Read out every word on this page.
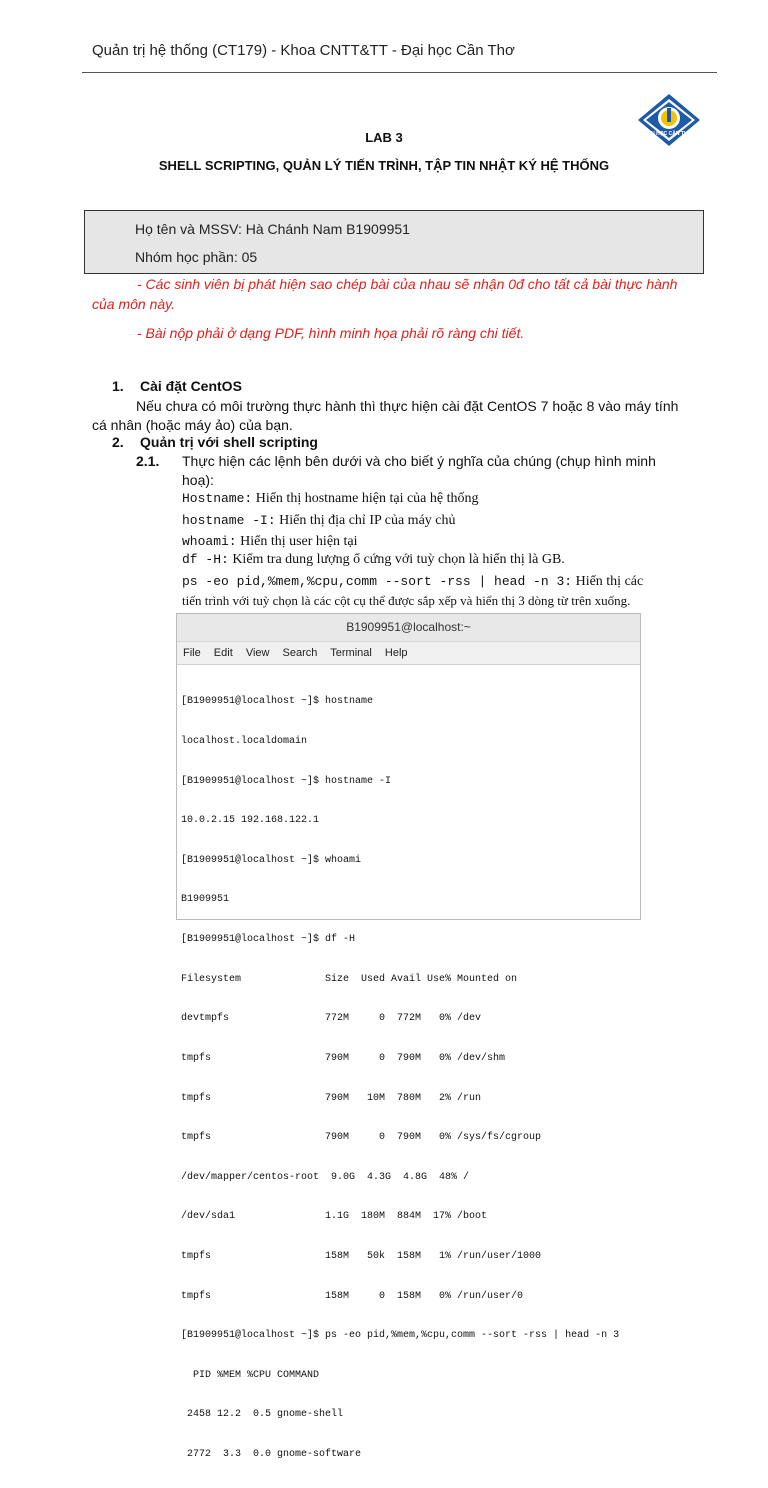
Quản trị hệ thống (CT179) - Khoa CNTT&TT - Đại học Cần Thơ
ĐẠI HỌC CẦN THƠ
LAB 3
SHELL SCRIPTING, QUẢN LÝ TIẾN TRÌNH, TẬP TIN NHẬT KÝ HỆ THỐNG
Họ tên và MSSV: Hà Chánh Nam B1909951
Nhóm học phần: 05
- Các sinh viên bị phát hiện sao chép bài của nhau sẽ nhận 0đ cho tất cả bài thực hành
của môn này.
- Bài nộp phải ở dạng PDF, hình minh họa phải rõ ràng chi tiết.
1. Cài đặt CentOS
Nếu chưa có môi trường thực hành thì thực hiện cài đặt CentOS 7 hoặc 8 vào máy tính
cá nhân (hoặc máy ảo) của bạn.
2. Quản trị với shell scripting
2.1. Thực hiện các lệnh bên dưới và cho biết ý nghĩa của chúng (chụp hình minh
hoạ):
Hostname: Hiển thị hostname hiện tại của hệ thống
hostname -I: Hiển thị địa chỉ IP của máy chủ
whoami: Hiển thị user hiện tại
df -H: Kiểm tra dung lượng ổ cứng với tuỳ chọn là hiển thị là GB.
ps -eo pid,%mem,%cpu,comm --sort -rss | head -n 3: Hiển thị các
tiến trình với tuỳ chọn là các cột cụ thể được sắp xếp và hiển thị 3 dòng từ trên xuống.
B1909951@localhost:~
File Edit View Search Terminal Help

[B1909951@localhost ~]$ hostname

localhost.localdomain

[B1909951@localhost ~]$ hostname -I

10.0.2.15 192.168.122.1

[B1909951@localhost ~]$ whoami

B1909951

[B1909951@localhost ~]$ df -H

Filesystem              Size  Used Avail Use% Mounted on

devtmpfs                772M     0  772M   0% /dev

tmpfs                   790M     0  790M   0% /dev/shm

tmpfs                   790M   10M  780M   2% /run

tmpfs                   790M     0  790M   0% /sys/fs/cgroup

/dev/mapper/centos-root  9.0G  4.3G  4.8G  48% /

/dev/sda1               1.1G  180M  884M  17% /boot

tmpfs                   158M   50k  158M   1% /run/user/1000

tmpfs                   158M     0  158M   0% /run/user/0

[B1909951@localhost ~]$ ps -eo pid,%mem,%cpu,comm --sort -rss | head -n 3

PID %MEM %CPU COMMAND

2458 12.2  0.5 gnome-shell

2772  3.3  0.0 gnome-software
